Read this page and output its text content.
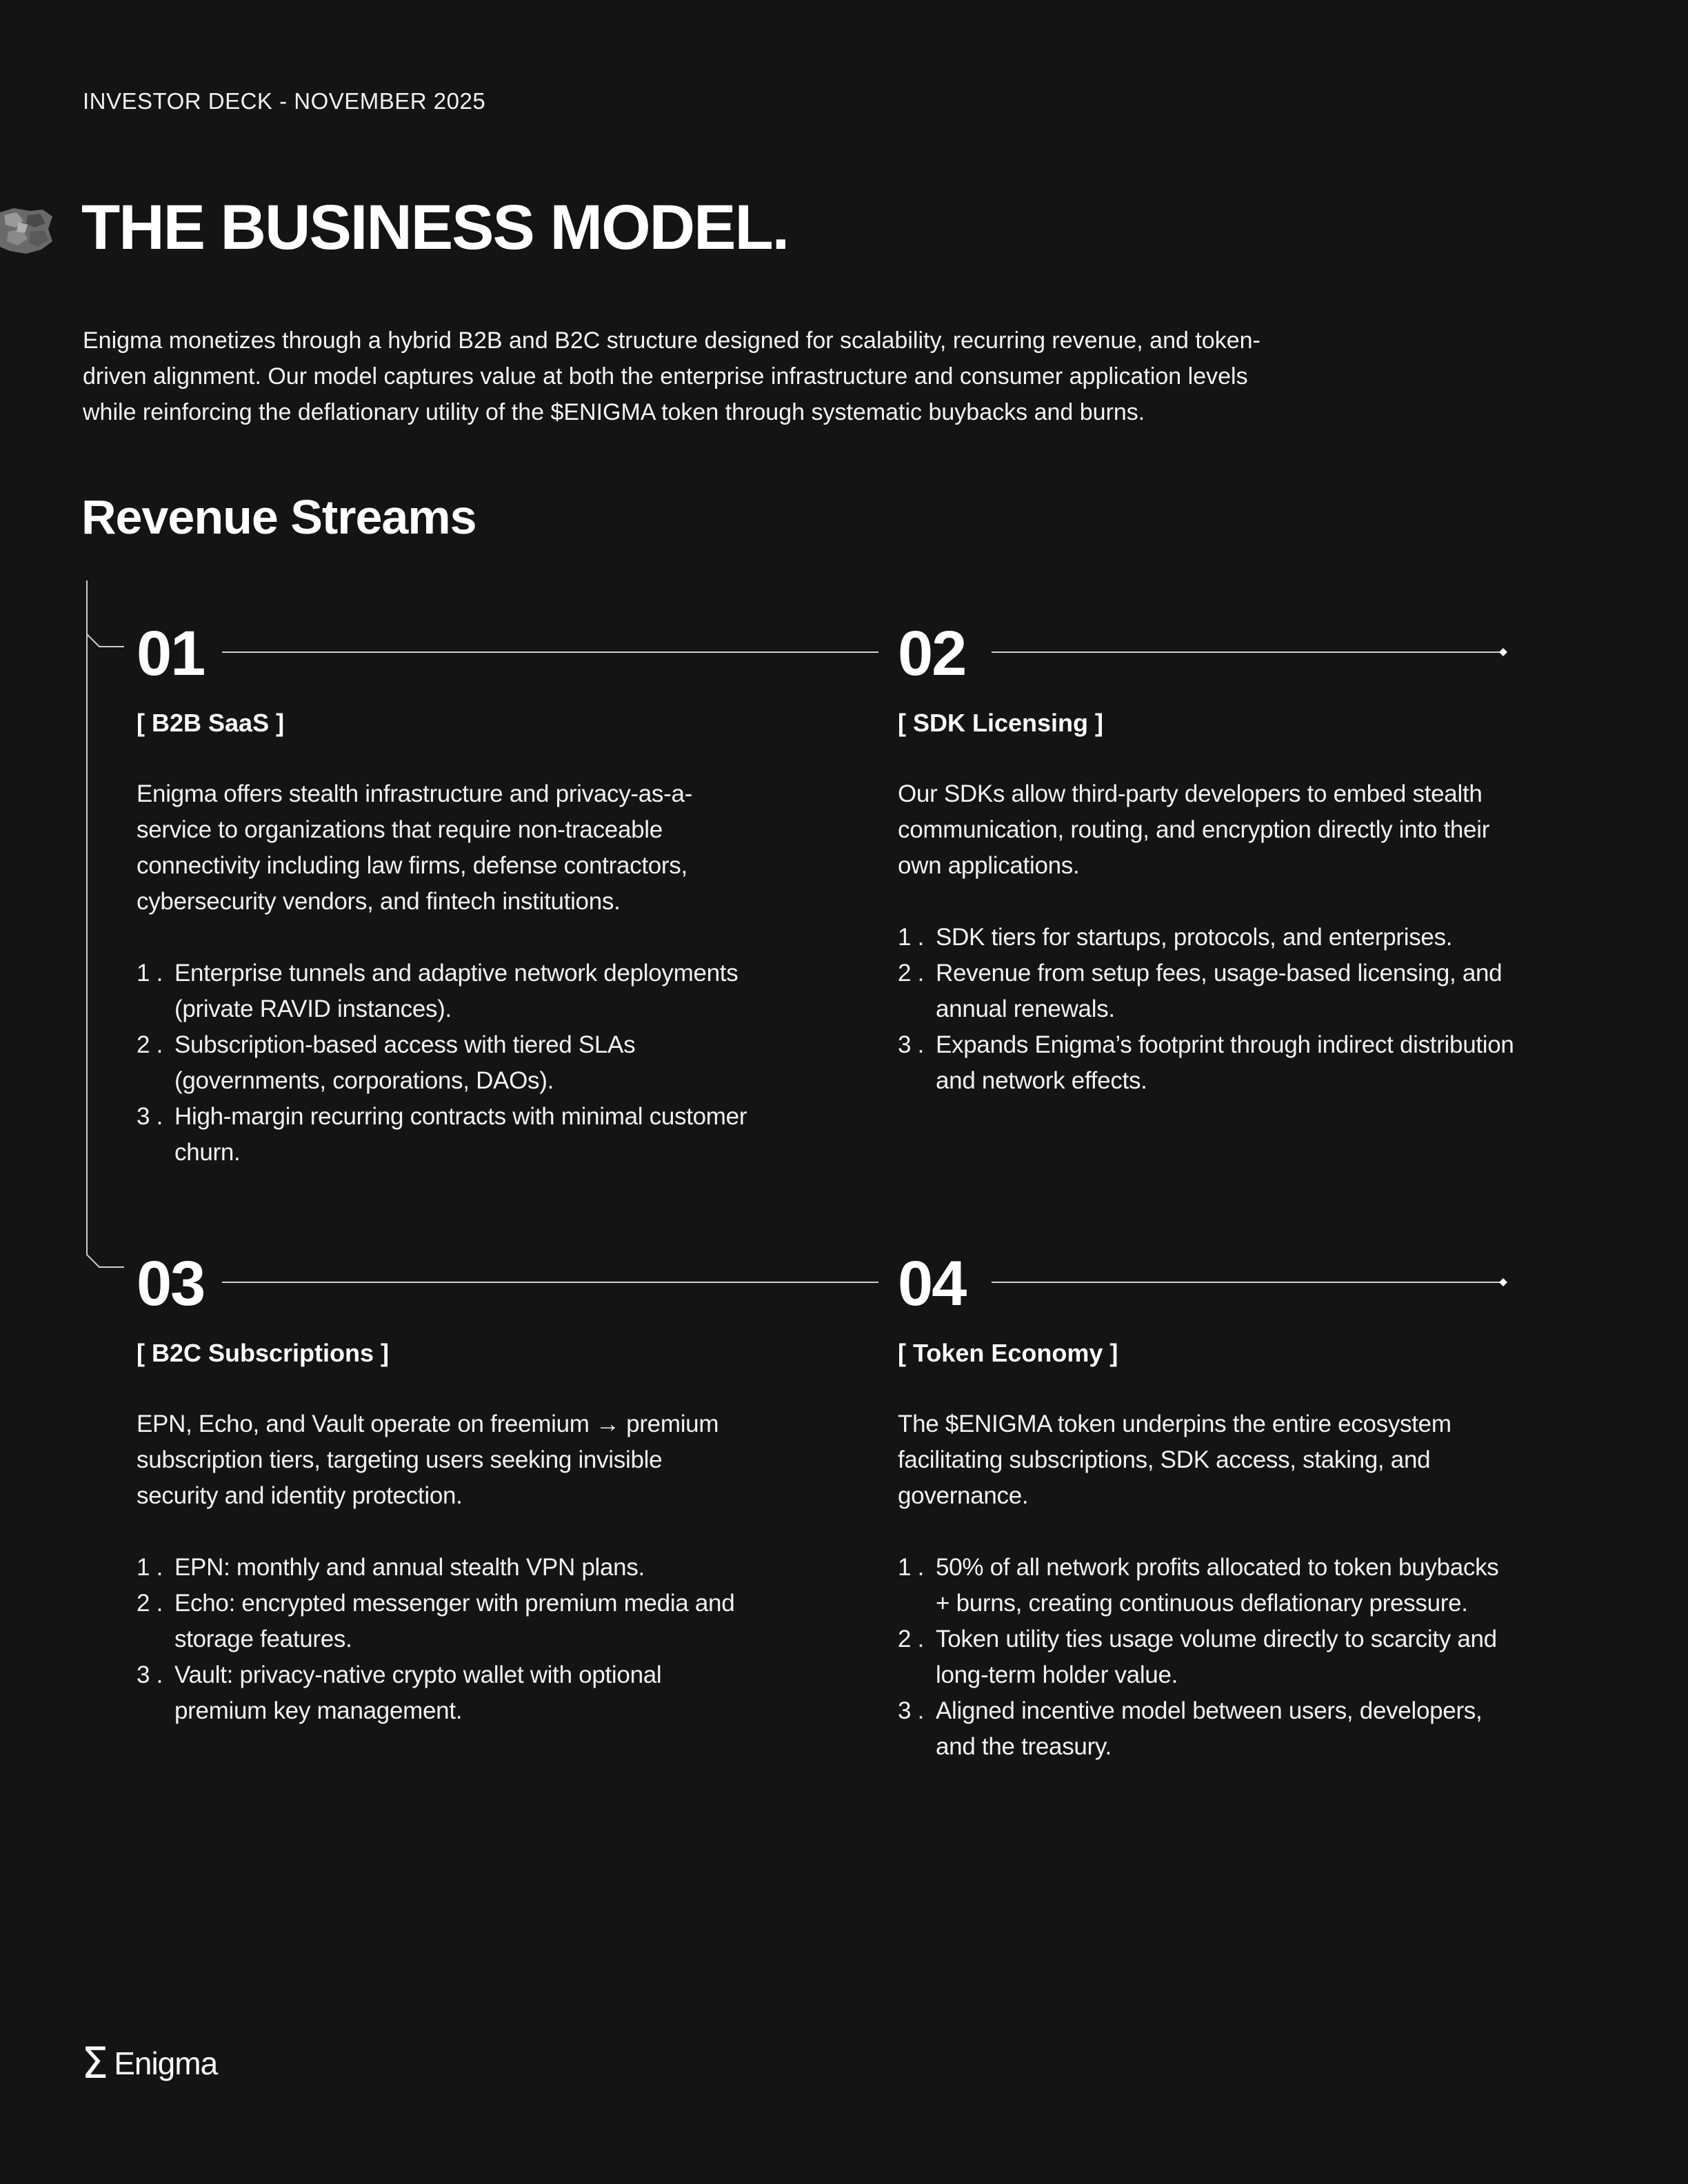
INVESTOR DECK - NOVEMBER 2025
THE BUSINESS MODEL.

Enigma monetizes through a hybrid B2B and B2C structure designed for scalability, recurring revenue, and token-driven alignment. Our model captures value at both the enterprise infrastructure and consumer application levels while reinforcing the deflationary utility of the $ENIGMA token through systematic buybacks and burns.

Revenue Streams
01
[ B2B SaaS ]

Enigma offers stealth infrastructure and privacy-as-a-service to organizations that require non-traceable connectivity including law firms, defense contractors, cybersecurity vendors, and fintech institutions.

1 . Enterprise tunnels and adaptive network deployments (private RAVID instances).
2 . Subscription-based access with tiered SLAs (governments, corporations, DAOs).
3 . High-margin recurring contracts with minimal customer churn.
02
[ SDK Licensing ]

Our SDKs allow third-party developers to embed stealth communication, routing, and encryption directly into their own applications.

1 . SDK tiers for startups, protocols, and enterprises.
2 . Revenue from setup fees, usage-based licensing, and annual renewals.
3 . Expands Enigma’s footprint through indirect distribution and network effects.
03
[ B2C Subscriptions ]

EPN, Echo, and Vault operate on freemium → premium subscription tiers, targeting users seeking invisible security and identity protection.

1 . EPN: monthly and annual stealth VPN plans.
2 . Echo: encrypted messenger with premium media and storage features.
3 . Vault: privacy-native crypto wallet with optional premium key management.
04
[ Token Economy ]

The $ENIGMA token underpins the entire ecosystem facilitating subscriptions, SDK access, staking, and governance.

1 . 50% of all network profits allocated to token buybacks + burns, creating continuous deflationary pressure.
2 . Token utility ties usage volume directly to scarcity and long-term holder value.
3 . Aligned incentive model between users, developers, and the treasury.
Σ Enigma
